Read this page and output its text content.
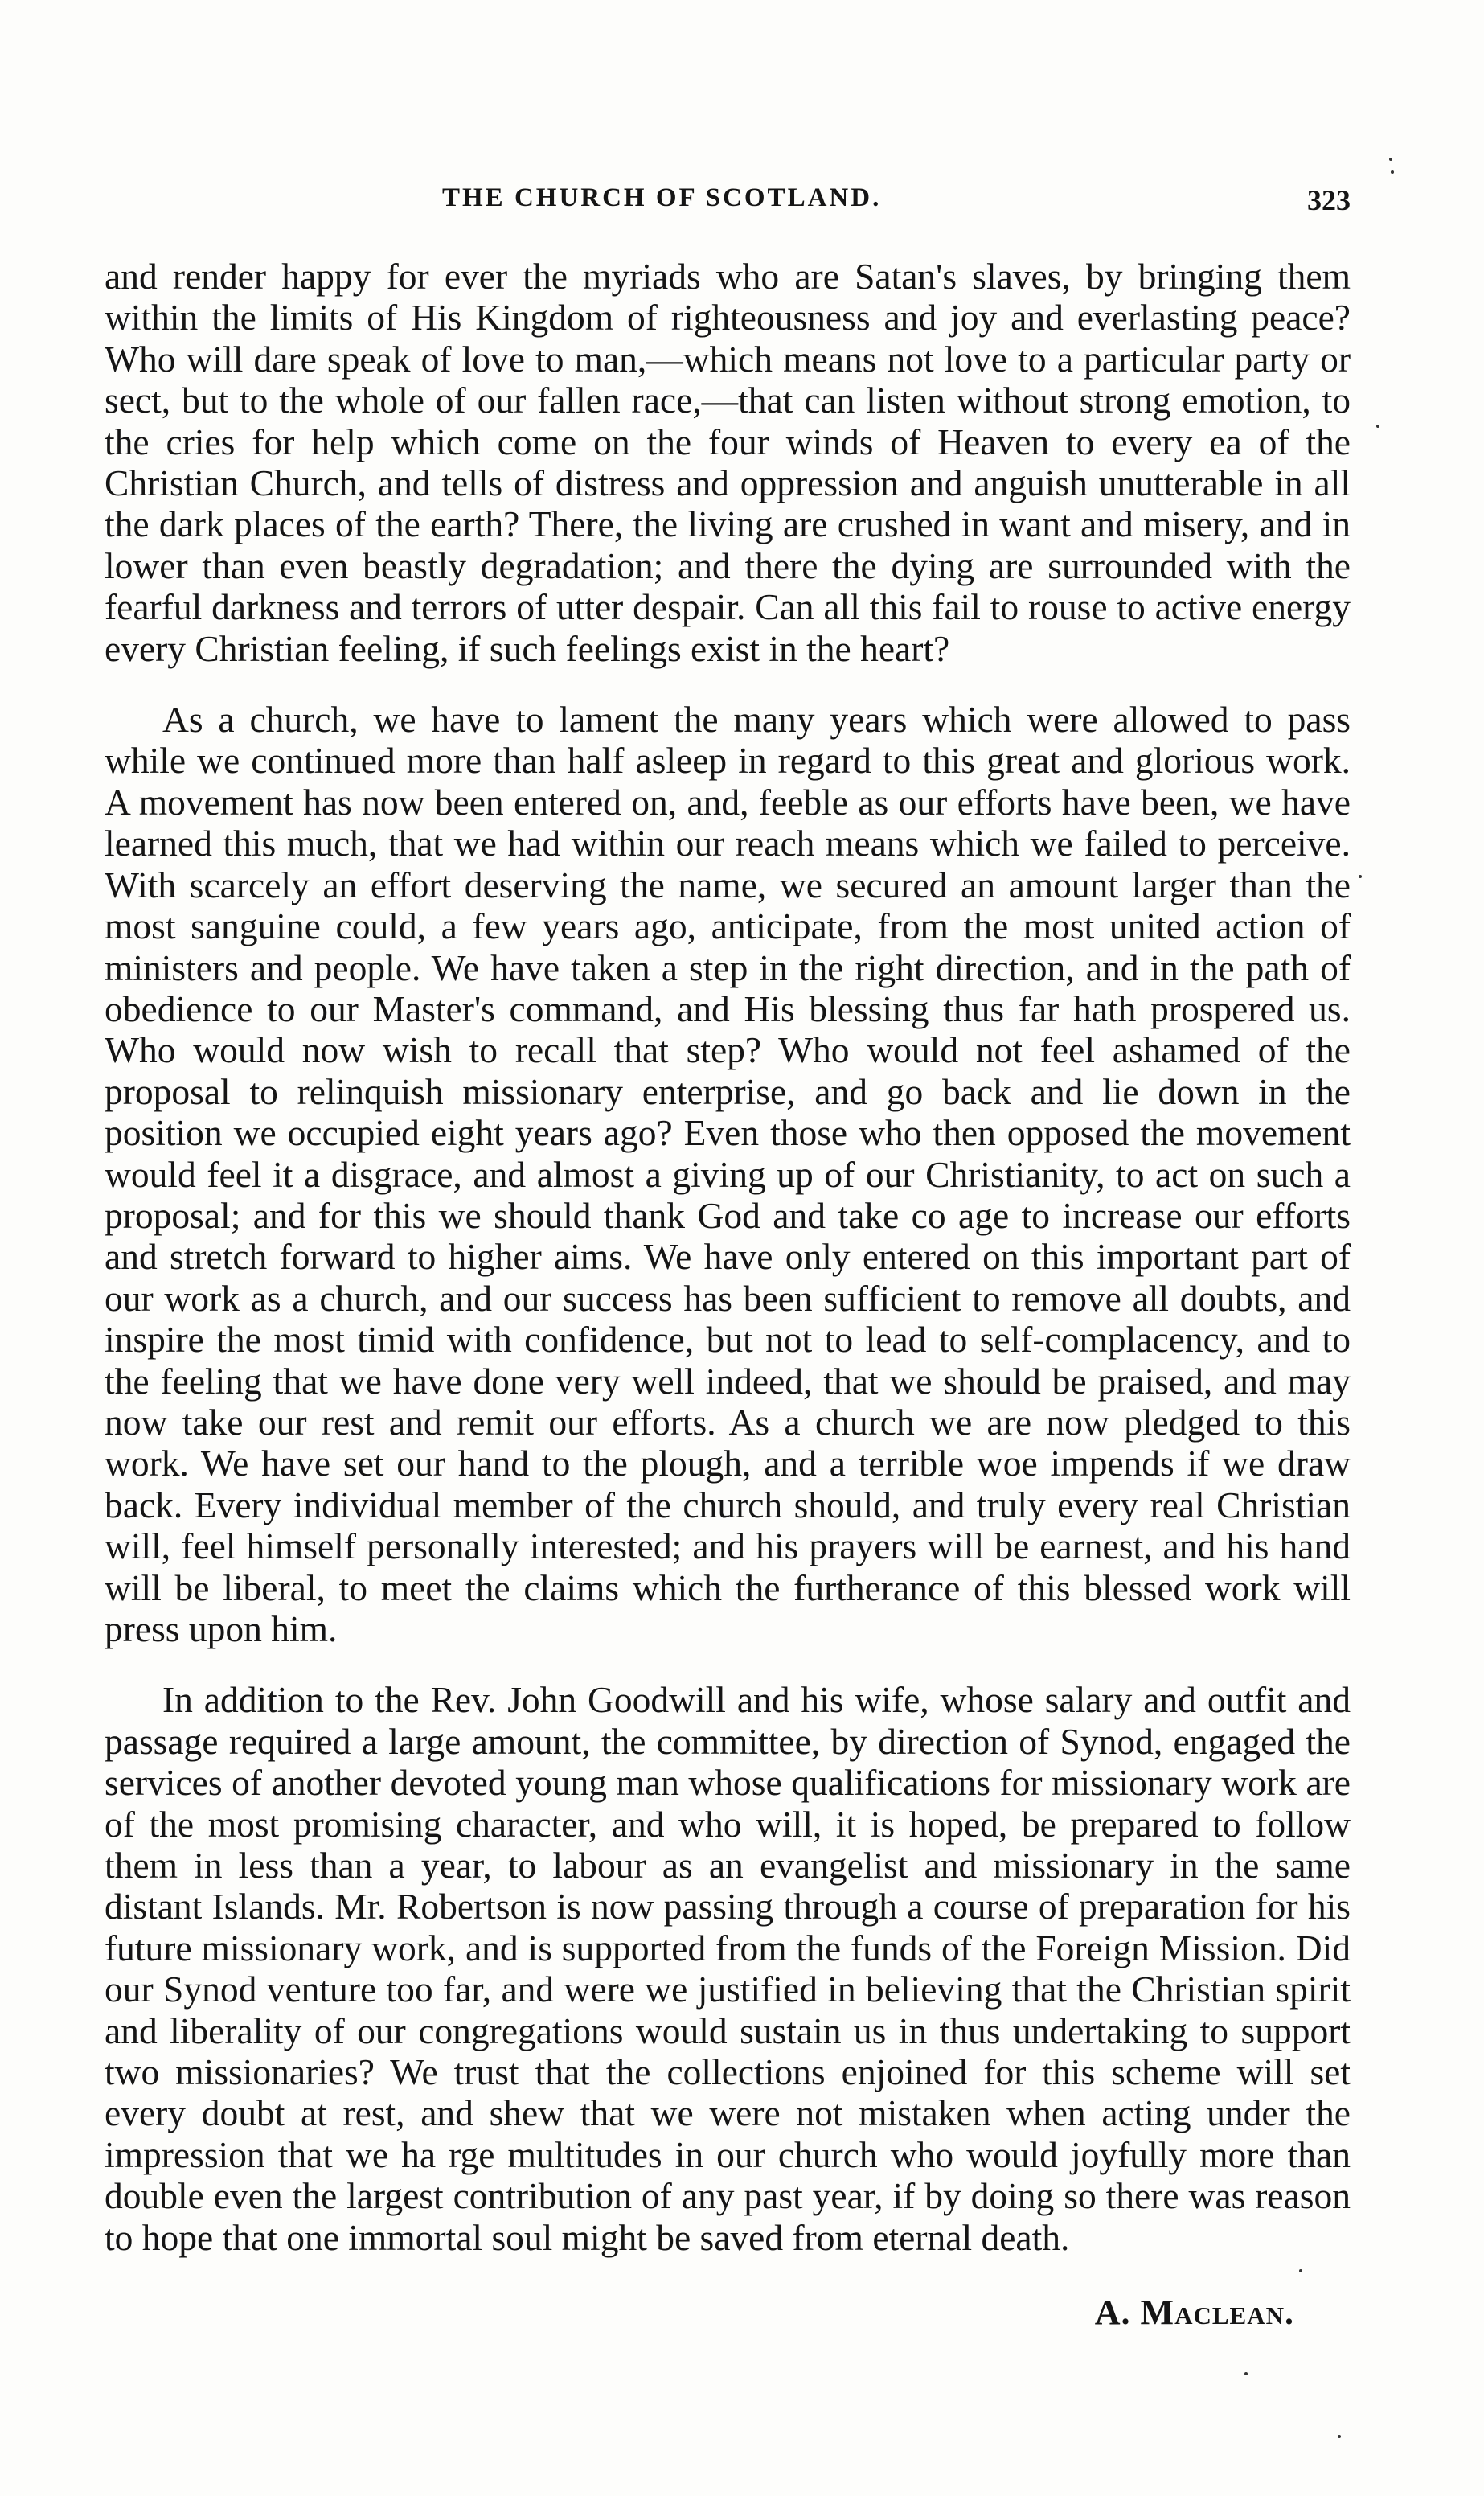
THE CHURCH OF SCOTLAND.	323

and render happy for ever the myriads who are Satan's slaves, by bringing them within the limits of His Kingdom of righteousness and joy and everlasting peace? Who will dare speak of love to man,—which means not love to a particular party or sect, but to the whole of our fallen race,—that can listen without strong emotion, to the cries for help which come on the four winds of Heaven to every ea of the Christian Church, and tells of distress and oppression and anguish unutterable in all the dark places of the earth? There, the living are crushed in want and misery, and in lower than even beastly degradation; and there the dying are surrounded with the fearful darkness and terrors of utter despair. Can all this fail to rouse to active energy every Christian feeling, if such feelings exist in the heart?

As a church, we have to lament the many years which were allowed to pass while we continued more than half asleep in regard to this great and glorious work. A movement has now been entered on, and, feeble as our efforts have been, we have learned this much, that we had within our reach means which we failed to perceive. With scarcely an effort deserving the name, we secured an amount larger than the most sanguine could, a few years ago, anticipate, from the most united action of ministers and people. We have taken a step in the right direction, and in the path of obedience to our Master's command, and His blessing thus far hath prospered us. Who would now wish to recall that step? Who would not feel ashamed of the proposal to relinquish missionary enterprise, and go back and lie down in the position we occupied eight years ago? Even those who then opposed the movement would feel it a disgrace, and almost a giving up of our Christianity, to act on such a proposal; and for this we should thank God and take co age to increase our efforts and stretch forward to higher aims. We have only entered on this important part of our work as a church, and our success has been sufficient to remove all doubts, and inspire the most timid with confidence, but not to lead to self-complacency, and to the feeling that we have done very well indeed, that we should be praised, and may now take our rest and remit our efforts. As a church we are now pledged to this work. We have set our hand to the plough, and a terrible woe impends if we draw back. Every individual member of the church should, and truly every real Christian will, feel himself personally interested; and his prayers will be earnest, and his hand will be liberal, to meet the claims which the furtherance of this blessed work will press upon him.

In addition to the Rev. John Goodwill and his wife, whose salary and outfit and passage required a large amount, the committee, by direction of Synod, engaged the services of another devoted young man whose qualifications for missionary work are of the most promising character, and who will, it is hoped, be prepared to follow them in less than a year, to labour as an evangelist and missionary in the same distant Islands. Mr. Robertson is now passing through a course of preparation for his future missionary work, and is supported from the funds of the Foreign Mission. Did our Synod venture too far, and were we justified in believing that the Christian spirit and liberality of our congregations would sustain us in thus undertaking to support two missionaries? We trust that the collections enjoined for this scheme will set every doubt at rest, and shew that we were not mistaken when acting under the impression that we ha rge multitudes in our church who would joyfully more than double even the largest contribution of any past year, if by doing so there was reason to hope that one immortal soul might be saved from eternal death.

A. Maclean.
